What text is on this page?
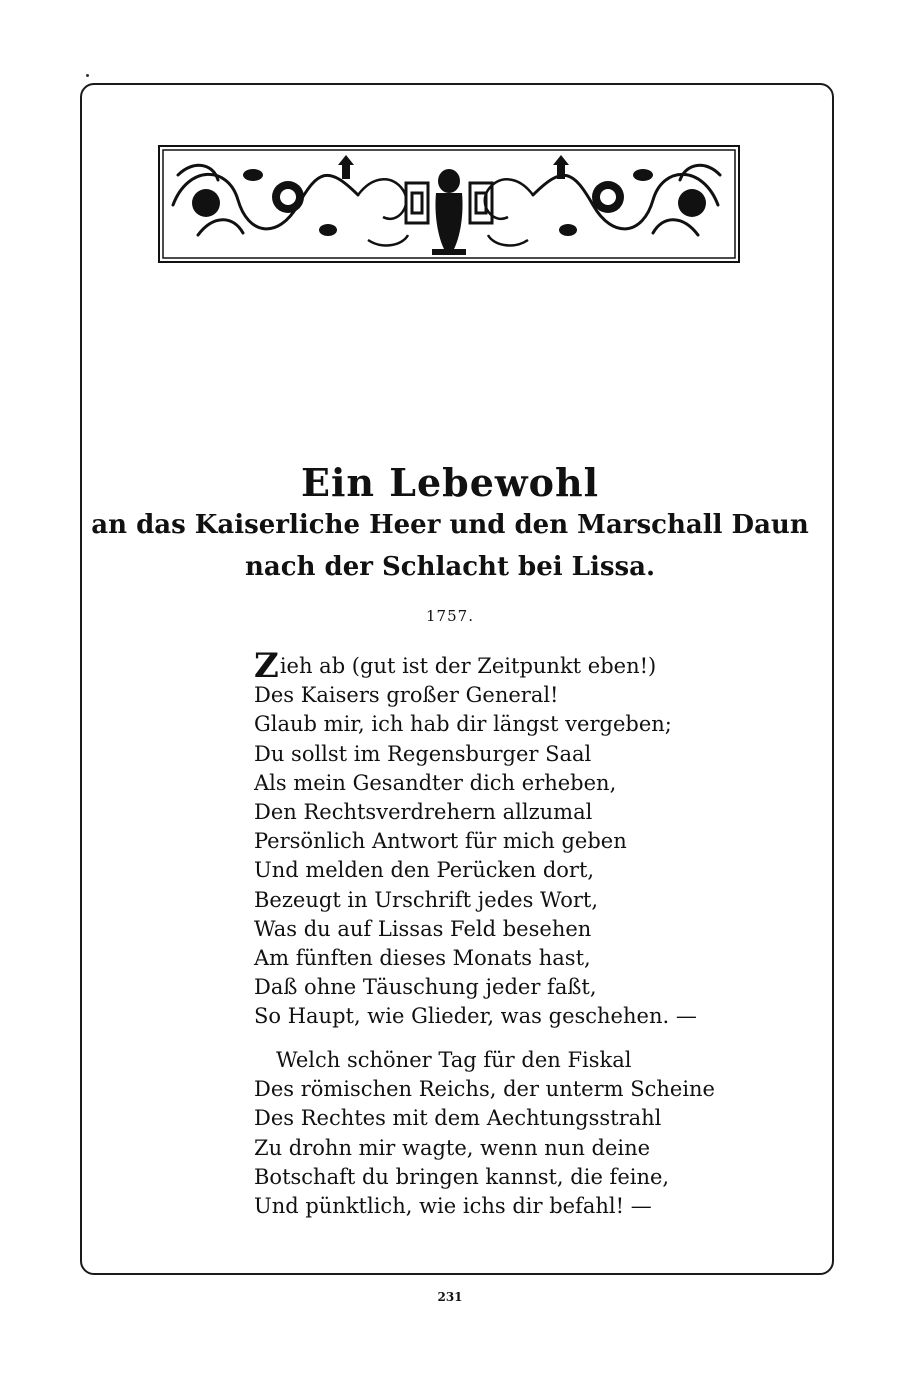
Ein Lebewohl

an das Kaiserliche Heer und den Marschall Daun

nach der Schlacht bei Lissa.

1757.
Zieh ab (gut ist der Zeitpunkt eben!)
Des Kaisers großer General!
Glaub mir, ich hab dir längst vergeben;
Du sollst im Regensburger Saal
Als mein Gesandter dich erheben,
Den Rechtsverdrehern allzumal
Persönlich Antwort für mich geben
Und melden den Perücken dort,
Bezeugt in Urschrift jedes Wort,
Was du auf Lissas Feld besehen
Am fünften dieses Monats hast,
Daß ohne Täuschung jeder faßt,
So Haupt, wie Glieder, was geschehen. —
Welch schöner Tag für den Fiskal
Des römischen Reichs, der unterm Scheine
Des Rechtes mit dem Aechtungsstrahl
Zu drohn mir wagte, wenn nun deine
Botschaft du bringen kannst, die feine,
Und pünktlich, wie ichs dir befahl! —
231
